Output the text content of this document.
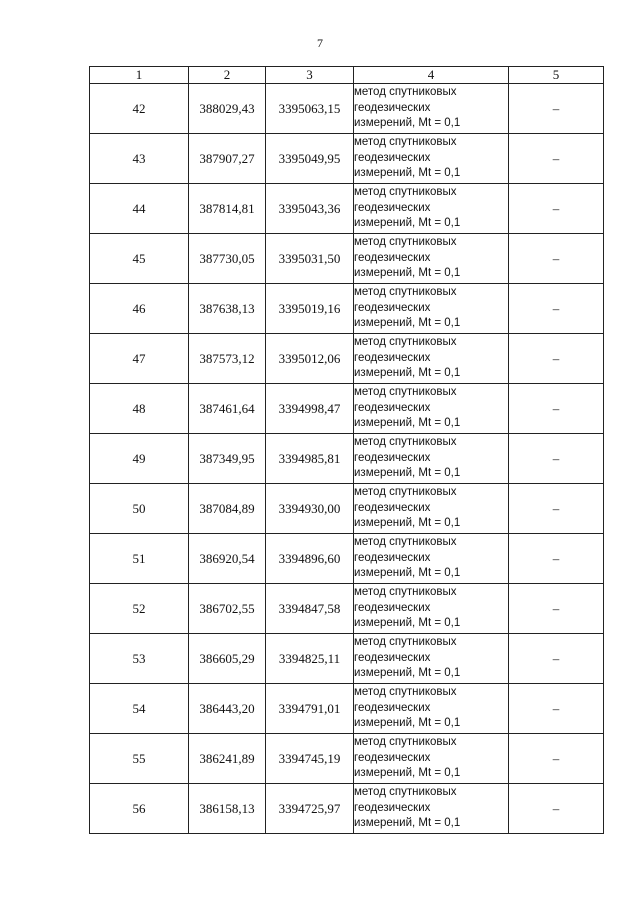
7
1	2	3	4	5
42	388029,43	3395063,15	метод спутниковых
геодезических
измерений, Mt = 0,1	–
43	387907,27	3395049,95	метод спутниковых
геодезических
измерений, Mt = 0,1	–
44	387814,81	3395043,36	метод спутниковых
геодезических
измерений, Mt = 0,1	–
45	387730,05	3395031,50	метод спутниковых
геодезических
измерений, Mt = 0,1	–
46	387638,13	3395019,16	метод спутниковых
геодезических
измерений, Mt = 0,1	–
47	387573,12	3395012,06	метод спутниковых
геодезических
измерений, Mt = 0,1	–
48	387461,64	3394998,47	метод спутниковых
геодезических
измерений, Mt = 0,1	–
49	387349,95	3394985,81	метод спутниковых
геодезических
измерений, Mt = 0,1	–
50	387084,89	3394930,00	метод спутниковых
геодезических
измерений, Mt = 0,1	–
51	386920,54	3394896,60	метод спутниковых
геодезических
измерений, Mt = 0,1	–
52	386702,55	3394847,58	метод спутниковых
геодезических
измерений, Mt = 0,1	–
53	386605,29	3394825,11	метод спутниковых
геодезических
измерений, Mt = 0,1	–
54	386443,20	3394791,01	метод спутниковых
геодезических
измерений, Mt = 0,1	–
55	386241,89	3394745,19	метод спутниковых
геодезических
измерений, Mt = 0,1	–
56	386158,13	3394725,97	метод спутниковых
геодезических
измерений, Mt = 0,1	–
